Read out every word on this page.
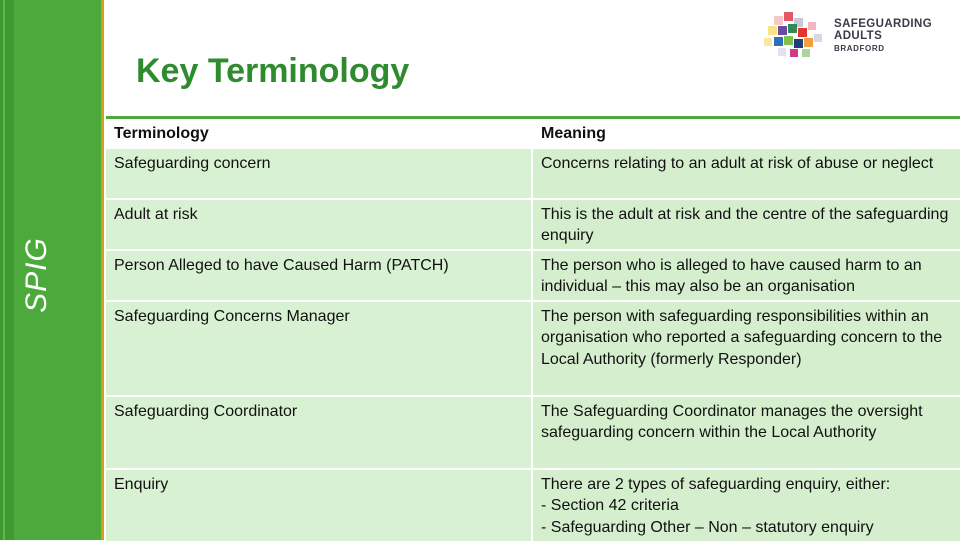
SPIG
Key Terminology
SAFEGUARDING
ADULTS
BRADFORD
Terminology	Meaning
Safeguarding concern	Concerns relating to an adult at risk of abuse or neglect
Adult at risk	This is the adult at risk and the centre of the safeguarding enquiry
Person Alleged to have Caused Harm (PATCH)	The person who is alleged to have caused harm to an individual – this may also be an organisation
Safeguarding Concerns Manager	The person with safeguarding responsibilities within an organisation who reported a safeguarding concern to the Local Authority (formerly Responder)
Safeguarding Coordinator	The Safeguarding Coordinator manages the oversight safeguarding concern within the Local Authority
Enquiry	There are 2 types of safeguarding enquiry, either:
- Section 42 criteria
- Safeguarding Other – Non – statutory enquiry
